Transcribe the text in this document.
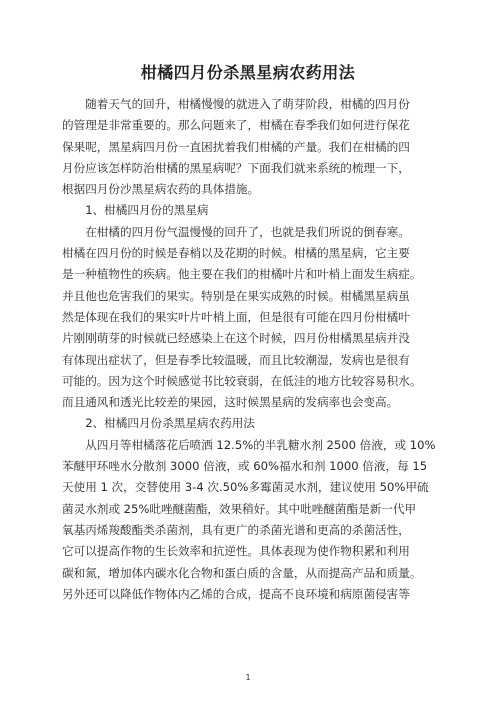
柑橘四月份杀黑星病农药用法
　　随着天气的回升，柑橘慢慢的就进入了萌芽阶段，柑橘的四月份
的管理是非常重要的。那么问题来了，柑橘在春季我们如何进行保花
保果呢，黑星病四月份一直困扰着我们柑橘的产量。我们在柑橘的四
月份应该怎样防治柑橘的黑星病呢？下面我们就来系统的梳理一下，
根据四月份沙黑星病农药的具体措施。
　　1、柑橘四月份的黑星病
　　在柑橘的四月份气温慢慢的回升了，也就是我们所说的倒春寒。
柑橘在四月份的时候是春梢以及花期的时候。柑橘的黑星病，它主要
是一种植物性的疾病。他主要在我们的柑橘叶片和叶梢上面发生病症。
并且他也危害我们的果实。特别是在果实成熟的时候。柑橘黑星病虽
然是体现在我们的果实叶片叶梢上面，但是很有可能在四月份柑橘叶
片刚刚萌芽的时候就已经感染上在这个时候，四月份柑橘黑星病并没
有体现出症状了，但是春季比较温暖，而且比较潮湿，发病也是很有
可能的。因为这个时候感觉书比较衰弱，在低洼的地方比较容易积水。
而且通风和透光比较差的果园，这时候黑星病的发病率也会变高。
　　2、柑橘四月份杀黑星病农药用法
　　从四月等柑橘落花后喷洒 12.5%的半乳糖水剂 2500 倍液，或 10%
苯醚甲环唑水分散剂 3000 倍液，或 60%福水和剂 1000 倍液，每 15
天使用 1 次，交替使用 3-4 次.50%多霉菌灵水剂，建议使用 50%甲硫
菌灵水剂或 25%吡唑醚菌酯，效果稍好。其中吡唑醚菌酯是新一代甲
氧基丙烯羧酸酯类杀菌剂，具有更广的杀菌光谱和更高的杀菌活性，
它可以提高作物的生长效率和抗逆性。具体表现为使作物积累和利用
碳和氮，增加体内碳水化合物和蛋白质的含量，从而提高产品和质量。
另外还可以降低作物体内乙烯的合成，提高不良环境和病原菌侵害等
1
